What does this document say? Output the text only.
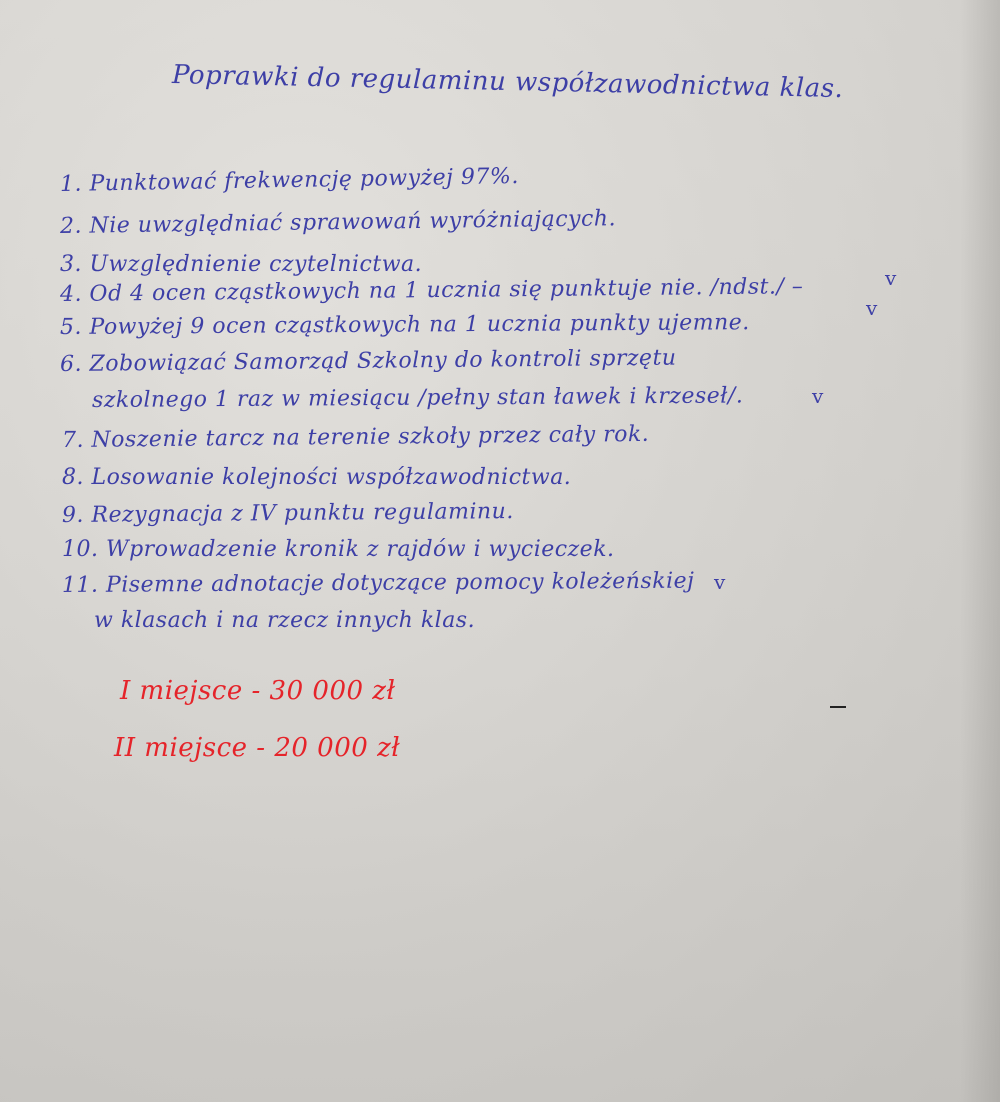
Poprawki do regulaminu współzawodnictwa klas.
1. Punktować frekwencję powyżej 97%.
2. Nie uwzględniać sprawowań wyróżniających.
3. Uwzględnienie czytelnictwa.
4. Od 4 ocen cząstkowych na 1 ucznia się punktuje nie. /ndst./ –
5. Powyżej 9 ocen cząstkowych na 1 ucznia punkty ujemne.
6. Zobowiązać Samorząd Szkolny do kontroli sprzętu
szkolnego 1 raz w miesiącu /pełny stan ławek i krzeseł/.
7. Noszenie tarcz na terenie szkoły przez cały rok.
8. Losowanie kolejności współzawodnictwa.
9. Rezygnacja z IV punktu regulaminu.
10. Wprowadzenie kronik z rajdów i wycieczek.
11. Pisemne adnotacje dotyczące pomocy koleżeńskiej
w klasach i na rzecz innych klas.
v
v
v
v
I miejsce - 30 000 zł
II miejsce - 20 000 zł
